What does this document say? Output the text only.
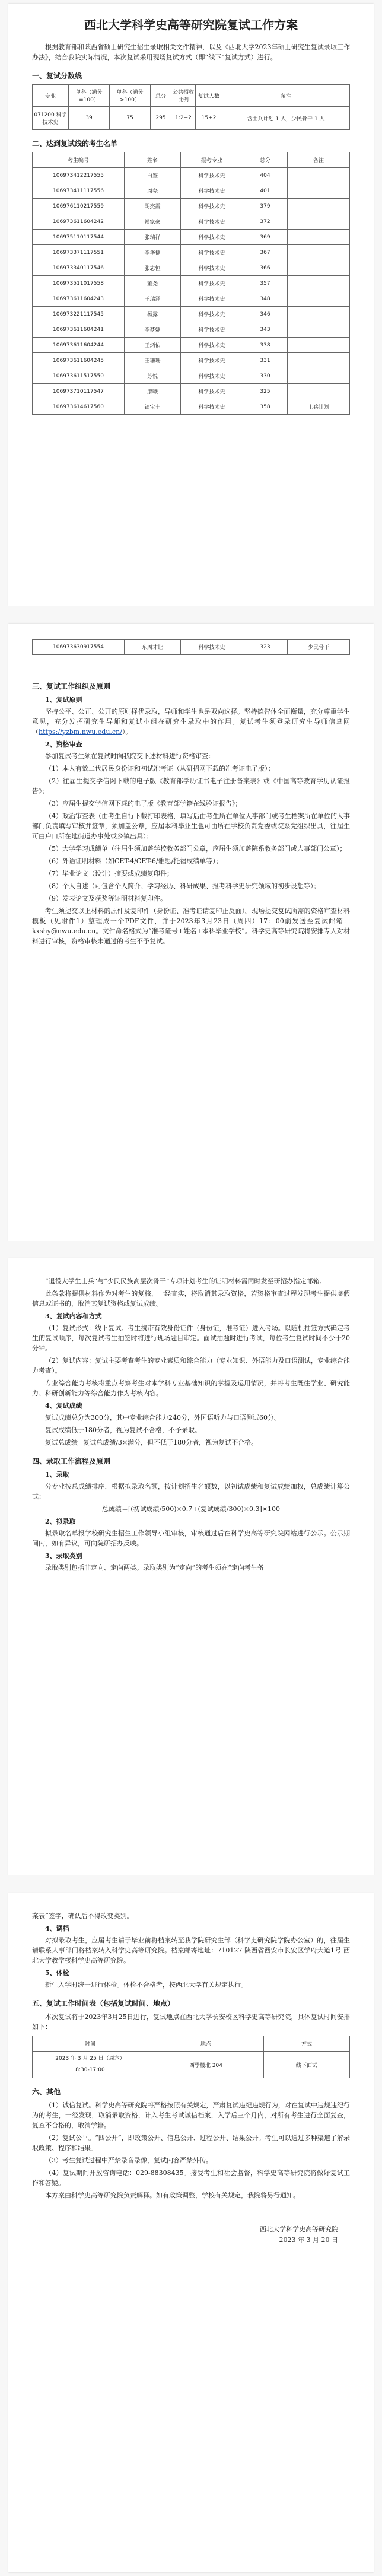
西北大学科学史高等研究院复试工作方案

根据教育部和陕西省硕士研究生招生录取相关文件精神，以及《西北大学2023年硕士研究生复试录取工作办法》，结合我院实际情况，本次复试采用现场复试方式（即“线下”复试方式）进行。

一、复试分数线
专业	单科（满分=100）	单科（满分>100）	总分	公共招收比例	复试人数	备注
071200 科学技术史	39	75	295	1:2+2	15+2	含士兵计划 1 人，少民骨干 1 人
二、达到复试线的考生名单
考生编号	姓名	报考专业	总分	备注
106973412217555	白鉴	科学技术史	404	
106973411117556	周尧	科学技术史	401	
106976110217559	胡杰霞	科学技术史	379	
106973611604242	郑家豪	科学技术史	372	
106975110117544	张瑞祥	科学技术史	369	
106973371117551	李华捷	科学技术史	367	
106973340117546	张志恒	科学技术史	366	
106973511017558	董尧	科学技术史	357	
106973611604243	王瑞泽	科学技术史	348	
106973221117545	杨露	科学技术史	346	
106973611604241	李梦婕	科学技术史	343	
106973611604244	王炳佑	科学技术史	338	
106973611604245	王珊珊	科学技术史	331	
106973611517550	苏悦	科学技术史	330	
106973710117547	康曦	科学技术史	325	
106973614617560	铂宝丰	科学技术史	358	士兵计划
106973630917554	东周才让	科学技术史	323	少民骨干
三、复试工作组织及原则
1、复试原则

坚持公平、公正、公开的原则择优录取，导师和学生也是双向选择。坚持德智体全面衡量，充分尊重学生意见，充分发挥研究生导师和复试小组在研究生录取中的作用。复试考生须登录研究生导师信息网（https://yzbm.nwu.edu.cn/）。

2、资格审查

参加复试考生须在复试时向我院交下述材料进行资格审查：

（1）本人有效二代居民身份证和初试准考证（从研招网下载的准考证电子版）；

（2）往届生提交学信网下载的电子版《教育部学历证书电子注册备案表》或《中国高等教育学历认证报告》；

（3）应届生提交学信网下载的电子版《教育部学籍在线验证报告》；

（4）政治审查表（由考生自行下载打印表格，填写后由考生所在单位人事部门或考生档案所在单位的人事部门负责填写审核并签章，须加盖公章，应届本科毕业生也可由所在学校负责党委或院系党组织出具，往届生可由户口所在地街道办事处或乡镇出具）；

（5）大学学习成绩单（往届生须加盖学校教务部门公章，应届生须加盖院系教务部门或人事部门公章）；

（6）外语证明材料（如CET-4/CET-6/雅思/托福成绩单等）；

（7）毕业论文（设计）摘要或成绩复印件；

（8）个人自述（可包含个人简介、学习经历、科研成果、报考科学史研究领域的初步设想等）；

（9）发表论文及获奖等证明材料复印件。

考生须提交以上材料的原件及复印件（身份证、准考证请复印正反面）。现场提交复试所需的资格审查材料模板（见附件1）整理成一个PDF文件，并于2023年3月23日（周四）17：00前发送至复试邮箱：kxshy@nwu.edu.cn。文件命名格式为“准考证号+姓名+本科毕业学校”。科学史高等研究院将安排专人对材料进行审核，资格审核未通过的考生不予复试。

“退役大学生士兵”与“少民民族高层次骨干”专项计划考生的证明材料需同时发至研招办指定邮箱。

此条款将提供材料作为对考生的复核，一经查实，将取消其录取资格，若资格审查过程发现考生提供虚假信息或证书的，取消其复试资格或复试成绩。

3、复试内容和方式

（1）复试形式：线下复试。考生携带有效身份证件（身份证，准考证）进入考场。以随机抽签方式确定考生的复试顺序，每次复试考生抽签时将进行现场题目审定。面试抽题时进行考试，每位考生复试时间不少于20分钟。

（2）复试内容：复试主要考查考生的专业素质和综合能力（专业知识、外语能力及口语测试，专业综合能力考查）。

专业综合能力考核将重点考察考生对本学科专业基础知识的掌握及运用情况，并将考生既往学业、研究能力、科研创新能力等综合能力作为考核内容。

4、复试成绩

复试成绩总分为300分，其中专业综合能力240分，外国语听力与口语测试60分。

复试成绩低于180分者，视为复试不合格，不予录取。

复试总成绩=复试总成绩/3×满分，但不低于180分者，视为复试不合格。

四、录取工作流程及原则
1、录取

分专业按总成绩排序，根据拟录取名额，按计划招生名额数，以初试成绩和复试成绩加权，总成绩计算公式：

总成绩＝[(初试成绩/500)×0.7+(复试成绩/300)×0.3]×100

2、拟录取

拟录取名单报学校研究生招生工作领导小组审核，审核通过后在科学史高等研究院网站进行公示。公示期间内，如有异议，可向院研招办反映。

3、录取类别

录取类别包括非定向、定向两类。录取类别为“定向”的考生须在“定向考生备

案表”签字，确认后不得改变类别。

4、调档

对拟录取考生，应届考生请于毕业前将档案转至我学院研究生部（科学史研究院学院办公室）的，往届生请联系人事部门将档案转入科学史高等研究院。档案邮寄地址：710127 陕西省西安市长安区学府大道1号 西北大学教学楼科学史高等研究院。

5、体检

新生入学时统一进行体检。体检不合格者，按西北大学有关规定执行。

五、复试工作时间表（包括复试时间、地点）

本次复试将于2023年3月25日进行，复试地点在西北大学长安校区科学史高等研究院，具体复试时间安排如下：

时间	地点	方式

2023 年 3 月 25 日（周六）
8:30-17:00	西學楼北 204	线下面试
六、其他

（1）诚信复试。科学史高等研究院将严格按照有关规定，严肃复试违纪违规行为，对在复试中违规违纪行为的考生，一经发现，取消录取资格，计入考生考试诚信档案，入学后三个月内，对所有考生进行全面复查，复查不合格的，取消学籍。

（2）复试公平。“四公开”，即政策公开、信息公开、过程公开、结果公开。考生可以通过多种渠道了解录取政策、程序和结果。

（3）考生复试过程中严禁录音录像，复试内容严禁外传。

（4）复试期间开放咨询电话：029-88308435。接受考生和社会监督，科学史高等研究院将做好复试工作和答疑。

本方案由科学史高等研究院负责解释。如有政策调整，学校有关规定，我院将另行通知。

西北大学科学史高等研究院
2023 年 3 月 20 日
